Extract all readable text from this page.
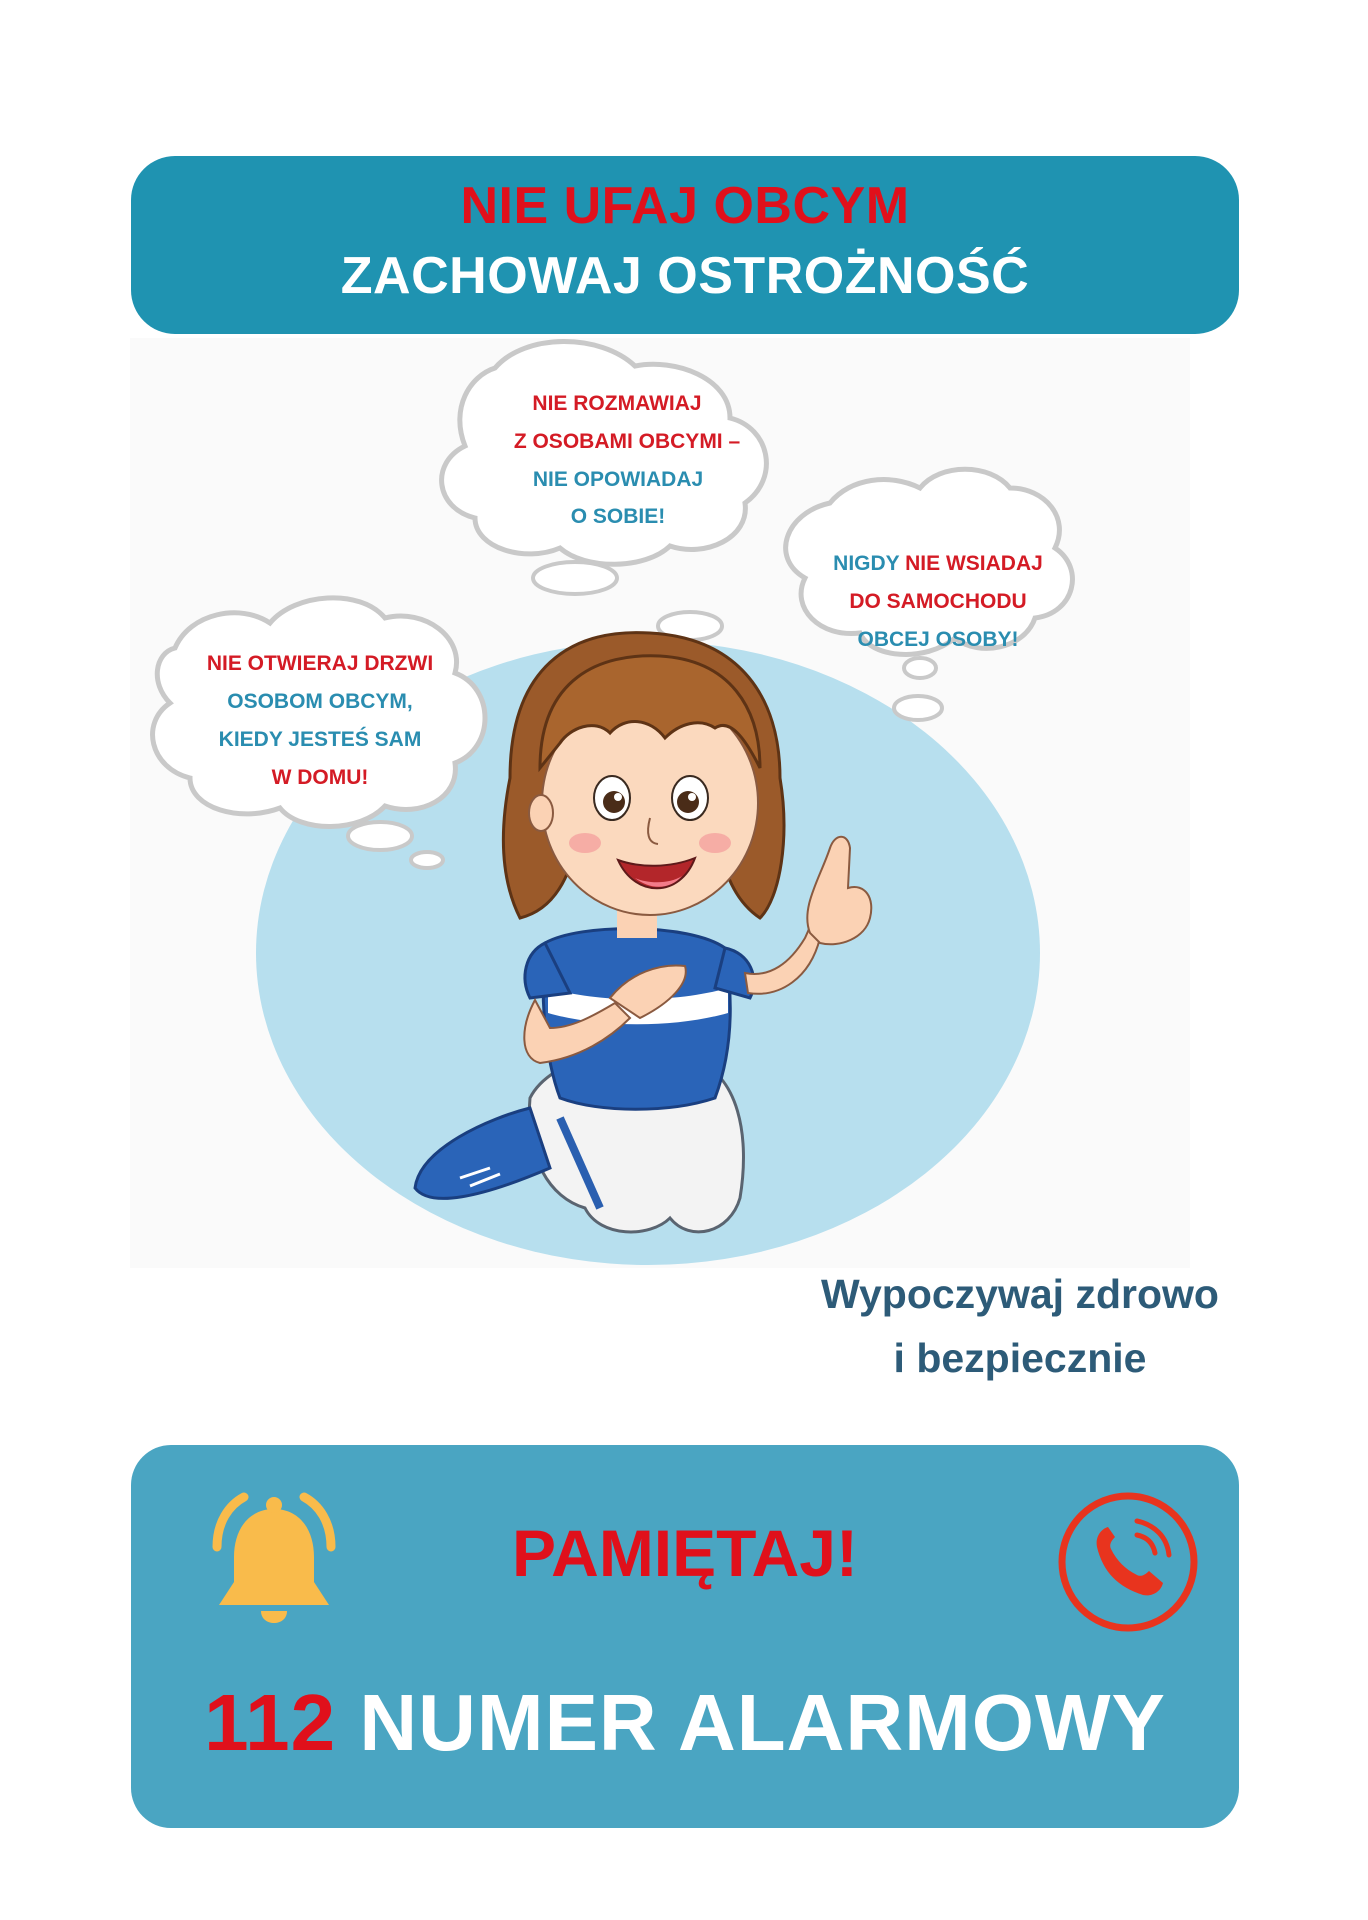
NIE UFAJ OBCYM
ZACHOWAJ OSTROŻNOŚĆ
NIE ROZMAWIAJ
Z OSOBAMI OBCYMI –
NIE OPOWIADAJ
O SOBIE!
NIGDY NIE WSIADAJ
DO SAMOCHODU
OBCEJ OSOBY!
NIE OTWIERAJ DRZWI
OSOBOM OBCYM,
KIEDY JESTEŚ SAM
W DOMU!
Wypoczywaj zdrowo
i bezpiecznie
PAMIĘTAJ!
112 NUMER ALARMOWY
